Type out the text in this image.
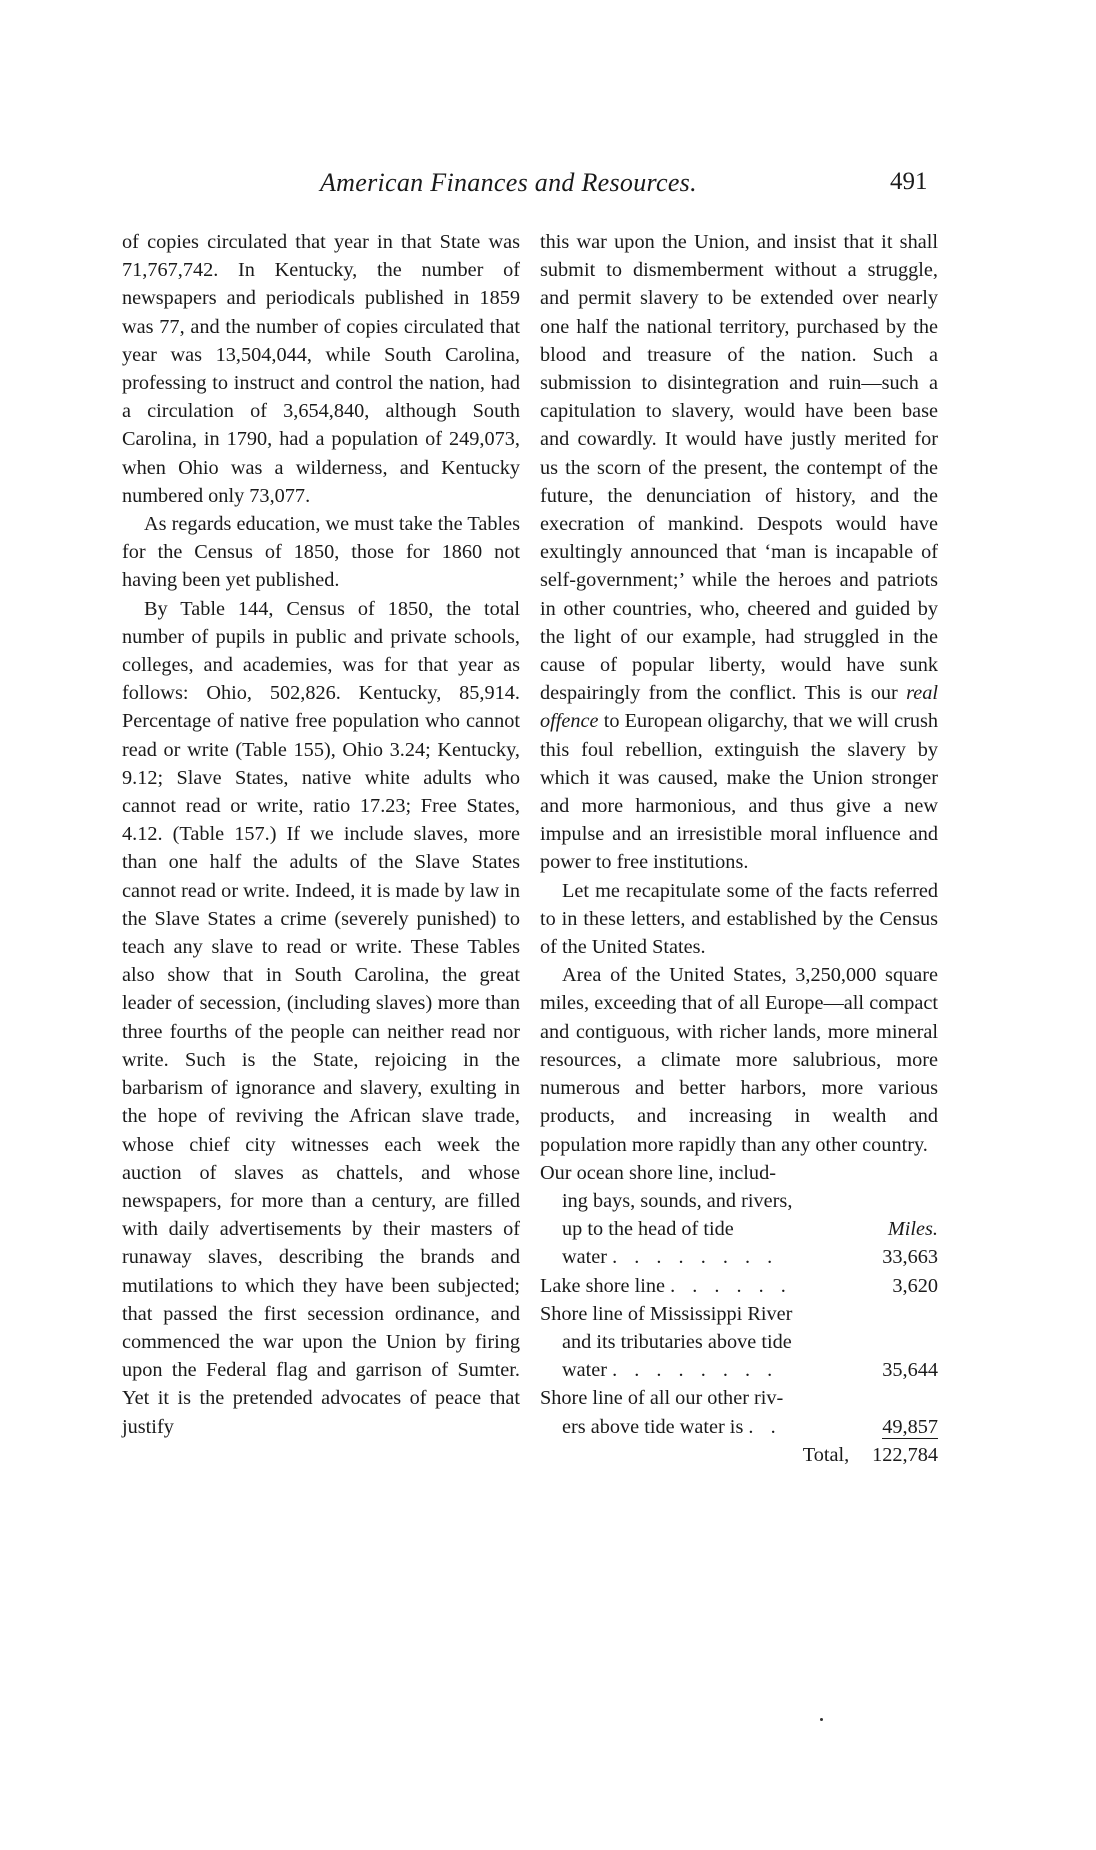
American Finances and Resources.	491

of copies circulated that year in that State was 71,767,742. In Kentucky, the number of newspapers and periodicals published in 1859 was 77, and the number of copies circulated that year was 13,504,044, while South Carolina, professing to instruct and control the nation, had a circulation of 3,654,840, although South Carolina, in 1790, had a population of 249,073, when Ohio was a wilderness, and Kentucky numbered only 73,077.

As regards education, we must take the Tables for the Census of 1850, those for 1860 not having been yet published.

By Table 144, Census of 1850, the total number of pupils in public and private schools, colleges, and academies, was for that year as follows: Ohio, 502,826. Kentucky, 85,914. Percentage of native free population who cannot read or write (Table 155), Ohio 3.24; Kentucky, 9.12; Slave States, native white adults who cannot read or write, ratio 17.23; Free States, 4.12. (Table 157.) If we include slaves, more than one half the adults of the Slave States cannot read or write. Indeed, it is made by law in the Slave States a crime (severely punished) to teach any slave to read or write. These Tables also show that in South Carolina, the great leader of secession, (including slaves) more than three fourths of the people can neither read nor write. Such is the State, rejoicing in the barbarism of ignorance and slavery, exulting in the hope of reviving the African slave trade, whose chief city witnesses each week the auction of slaves as chattels, and whose newspapers, for more than a century, are filled with daily advertisements by their masters of runaway slaves, describing the brands and mutilations to which they have been subjected; that passed the first secession ordinance, and commenced the war upon the Union by firing upon the Federal flag and garrison of Sumter. Yet it is the pretended advocates of peace that justify

this war upon the Union, and insist that it shall submit to dismemberment without a struggle, and permit slavery to be extended over nearly one half the national territory, purchased by the blood and treasure of the nation. Such a submission to disintegration and ruin—such a capitulation to slavery, would have been base and cowardly. It would have justly merited for us the scorn of the present, the contempt of the future, the denunciation of history, and the execration of mankind. Despots would have exultingly announced that ‘man is incapable of self-government;’ while the heroes and patriots in other countries, who, cheered and guided by the light of our example, had struggled in the cause of popular liberty, would have sunk despairingly from the conflict. This is our real offence to European oligarchy, that we will crush this foul rebellion, extinguish the slavery by which it was caused, make the Union stronger and more harmonious, and thus give a new impulse and an irresistible moral influence and power to free institutions.

Let me recapitulate some of the facts referred to in these letters, and established by the Census of the United States.

Area of the United States, 3,250,000 square miles, exceeding that of all Europe—all compact and contiguous, with richer lands, more mineral resources, a climate more salubrious, more numerous and better harbors, more various products, and increasing in wealth and population more rapidly than any other country.

Our ocean shore line, includ-	
ing bays, sounds, and rivers,	
up to the head of tide	Miles.
water . . . . . . . .	33,663
Lake shore line . . . . . .	3,620
Shore line of Mississippi River	
and its tributaries above tide	
water . . . . . . . .	35,644
Shore line of all our other riv-	
ers above tide water is . .	49,857
Total,	122,784
